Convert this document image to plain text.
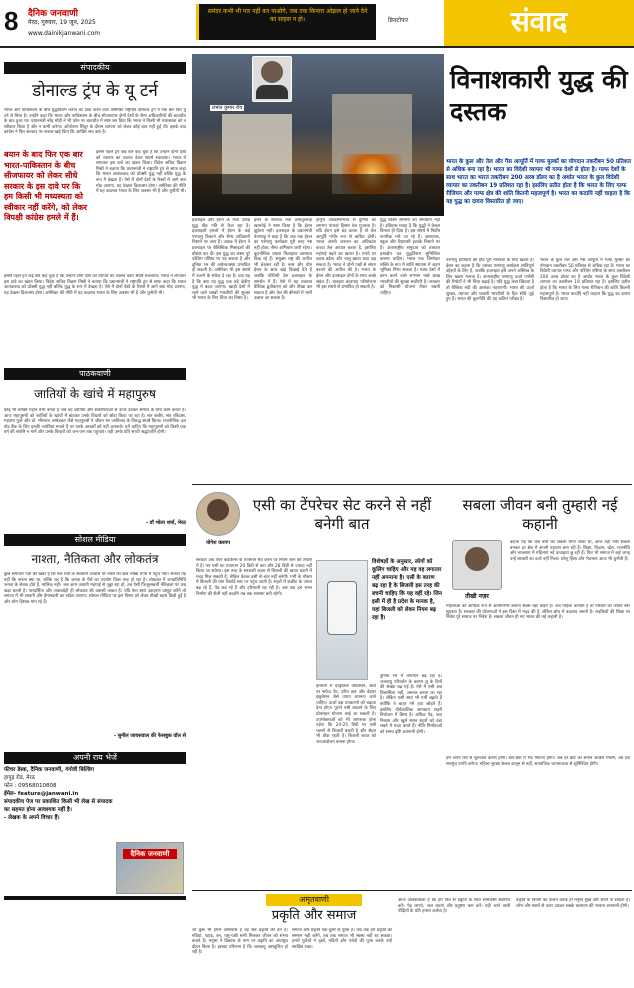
8 दैनिक जनवाणी
मेरठ, गुरुवार, 19 जून, 2025
www.dainikjanwani.com
समंदर कभी भी पार नहीं कर पाओगे, जब तक किनारा ओझल हो जाने देने का साहस न हो।	क्रिस्टोफर	संवाद
संपादकीय
डोनाल्ड ट्रंप के यू टर्न
भारत और पाकिस्तान के बीच युद्धविराम कराने का दावा करने वाले अमेरिकी राष्ट्रपति डोनाल्ड ट्रंप ने एक बार फिर यू टर्न ले लिया है। उन्होंने कहा कि भारत और पाकिस्तान के बीच सीजफायर दोनों देशों के सैन्य अधिकारियों की बातचीत के बाद हुआ था। प्रधानमंत्री नरेंद्र मोदी ने भी फोन पर बातचीत में स्पष्ट कर दिया कि भारत ने किसी भी मध्यस्थता को न स्वीकार किया है और न कभी करेगा। ऑपरेशन सिंदूर के दौरान व्यापार को लेकर कोई बात नहीं हुई थी। इसके बाद कांग्रेस ने फिर सरकार पर सवाल खड़े किए कि आखिर सच क्या है।
बयान के बाद फिर एक बार भारत-पाकिस्तान के बीच सीजफायर को लेकर सीधे सरकार के इस दावे पर कि हम किसी भी मध्यस्थता को स्वीकार नहीं करेंगे, को लेकर विपक्षी कांग्रेस हमले में हैं।
इससे पहले ट्रंप कई बार कह चुके हैं कि उन्होंने दोनों देशों को व्यापार का लालच देकर संघर्ष रुकवाया। भारत ने लगातार इस दावे का खंडन किया। विदेश सचिव विक्रम मिस्री ने बताया कि प्रधानमंत्री ने राष्ट्रपति ट्रंप से साफ कहा कि भारत आतंकवाद को प्रॉक्सी युद्ध नहीं बल्कि युद्ध के रूप में देखता है। ऐसे में दोनों देशों के रिश्तों में आगे क्या मोड़ आएगा, यह देखना दिलचस्प होगा। अमेरिका की नीति में यह बदलाव भारत के लिए अवसर भी है और चुनौती भी।
इससे पहले ट्रंप कई बार कह चुके हैं कि उन्होंने दोनों देशों को व्यापार का लालच देकर संघर्ष रुकवाया। भारत ने लगातार इस दावे का खंडन किया। विदेश सचिव विक्रम मिस्री ने बताया कि प्रधानमंत्री ने राष्ट्रपति ट्रंप से साफ कहा कि भारत आतंकवाद को प्रॉक्सी युद्ध नहीं बल्कि युद्ध के रूप में देखता है। ऐसे में दोनों देशों के रिश्तों में आगे क्या मोड़ आएगा, यह देखना दिलचस्प होगा। अमेरिका की नीति में यह बदलाव भारत के लिए अवसर भी है और चुनौती भी।
पाठकवाणी
जातियों के खांचे में महापुरुष
कोई भी व्यक्ति महान तभी बनता है जब वह जातियों और संकीर्णताओं से ऊपर उठकर समाज के लिए काम करता है। आज महापुरुषों को जातियों के खांचों में बांटकर उनके विचारों को छोटा किया जा रहा है। संत कबीर, संत रविदास, महात्मा फुले और डॉ. भीमराव अम्बेडकर जैसे महापुरुषों ने जीवन भर जातिवाद के विरुद्ध संघर्ष किया। राजनीतिक दल वोट बैंक के लिए इनकी जयंतियां मनाते हैं पर उनके आदर्शों को नहीं अपनाते। हमें चाहिए कि महापुरुषों को किसी एक वर्ग की संपत्ति न मानें और उनके विचारों को जन-जन तक पहुंचाएं। यही उनके प्रति सच्ची श्रद्धांजलि होगी।
- डॉ भोला शर्मा, मेरठ
सोशल मीडिया
नाश्ता, नैतिकता और लोकतंत्र
कुछ समाचार पत्रों की खबर है कि एक मंत्री के सरकारी आवास पर नाश्ते का खर्च लाखों रुपये में पहुंच गया। सवाल यह नहीं कि नाश्ता क्या था, बल्कि यह है कि जनता के पैसे का उपयोग किस तरह हो रहा है। लोकतंत्र में जनप्रतिनिधि जनता के सेवक होते हैं, मालिक नहीं। जब आम आदमी महंगाई से जूझ रहा हो, तब ऐसी फिजूलखर्ची नैतिकता पर प्रश्न खड़ा करती है। पारदर्शिता और जवाबदेही ही लोकतंत्र की असली ताकत है। यदि नेता स्वयं उदाहरण प्रस्तुत करेंगे तो समाज में भी सादगी और ईमानदारी का संदेश जाएगा। सोशल मीडिया पर इस विषय को लेकर तीखी बहस छिड़ी हुई है और लोग हिसाब मांग रहे हैं।
- सुनील जायसवाल की फेसबुक वॉल से
अपनी राय भेजें
फीचर डेस्क, दैनिक जनवाणी, गंगोत्री बिल्डिंग
हापुड़ रोड, मेरठ
फोन : 09568010808
ईमेल- feature@janwani.in
संपादकीय पेज पर प्रकाशित किसी भी लेख से संपादक का सहमत होना आवश्यक नहीं है।
- लेखक के अपने विचार हैं।
दैनिक जनवाणी
प्रभात कुमार रॉय
विनाशकारी युद्ध की दस्तक
भारत के कुल और तेल और गैस आपूर्ति में गल्फ मुल्कों का योगदान तकरीबन 50 प्रतिशत से अधिक बना रहा है। भारत का विदेशी व्यापार भी गल्फ देशों से होता है। गल्फ देशों के साथ भारत का भारत तकरीबन 200 अरब डॉलर का है अर्थात भारत के कुल विदेशी व्यापार का तकरीबन 19 प्रतिशत रहा है। इसलिए प्रतीत होता है कि भारत के लिए गल्फ रीजियन और गल्फ क्षेत्र की शांति कितनी महत्वपूर्ण है। भारत का कदापि नहीं चाहता है कि यह युद्ध का दायरा विस्तारित हो जाए।
इजराइल और ईरान के मध्य उत्पन्न युद्ध तीव्र गति से फैल रहा है। इजराइली हमलों में ईरान के कई परमाणु ठिकाने और सैन्य अधिकारी निशाने पर आए हैं। जवाब में ईरान ने इजराइल पर बैलिस्टिक मिसाइलों की बौछार कर दी। इस युद्ध का असर पूरे पश्चिम एशिया पर पड़ सकता है और दुनिया भर की अर्थव्यवस्था प्रभावित हो सकती है। अमेरिका भी इस संघर्ष में उतरने के संकेत दे रहा है। प्रश्न यह है कि क्या यह युद्ध एक बड़े क्षेत्रीय युद्ध में बदल जाएगा। खाड़ी देशों में रहने वाले लाखों भारतीयों की सुरक्षा भी भारत के लिए चिंता का विषय है।
ईरान के सर्वोच्च नेता आयतुल्लाह खामनेई ने स्पष्ट किया है कि ईरान झुकेगा नहीं। इजराइल के प्रधानमंत्री नेतन्याहू ने कहा है कि जब तक ईरान का परमाणु कार्यक्रम पूरी तरह नष्ट नहीं होता, सैन्य अभियान जारी रहेगा। कूटनीतिक प्रयास फिलहाल असफल दिख रहे हैं। संयुक्त राष्ट्र की अपील भी बेअसर रही है। रूस और चीन ईरान के साथ खड़े दिखाई देते हैं जबकि पश्चिमी देश इजराइल के समर्थन में हैं। ऐसे में यह टकराव वैश्विक ध्रुवीकरण को और तीखा कर सकता है और तेल की कीमतों में भारी उछाल आ सकता है।
होर्मुज जलडमरूमध्य से दुनिया का लगभग पांचवां हिस्सा तेल गुजरता है। यदि ईरान इसे बंद करता है तो तेल आपूर्ति गंभीर रूप से बाधित होगी। भारत अपनी जरूरत का अधिकांश कच्चा तेल आयात करता है, इसलिए महंगाई बढ़ने का खतरा है। रुपये पर दबाव बढ़ेगा और चालू खाता घाटा बढ़ सकता है। भारत ने दोनों पक्षों से संयम बरतने की अपील की है। भारत के ईरान और इजराइल दोनों के साथ अच्छे संबंध हैं। चाबहार बंदरगाह परियोजना भी इस संघर्ष से प्रभावित हो सकती है।
युद्ध किसी समस्या का समाधान नहीं है। इतिहास गवाह है कि युद्धों ने केवल विनाश ही दिया है। इस संघर्ष में निर्दोष नागरिक मारे जा रहे हैं। अस्पताल, स्कूल और रिहायशी इलाके निशाने पर हैं। अंतरराष्ट्रीय समुदाय को तत्काल हस्तक्षेप कर युद्धविराम सुनिश्चित कराना चाहिए। भारत एक जिम्मेदार शक्ति के रूप में शांति स्थापना में अहम भूमिका निभा सकता है। गल्फ देशों में काम करने वाले लगभग नब्बे लाख भारतीयों की सुरक्षा सर्वोपरि है। सरकार को निकासी योजना तैयार रखनी चाहिए।
परमाणु हथियारों की होड़ पूरी मानवता के लिए खतरा है। ईरान का कहना है कि उसका परमाणु कार्यक्रम शांतिपूर्ण उद्देश्यों के लिए है, जबकि इजराइल इसे अपने अस्तित्व के लिए खतरा मानता है। अंतरराष्ट्रीय परमाणु ऊर्जा एजेंसी की रिपोर्टों ने भी चिंता बढ़ाई है। यदि युद्ध लंबा खिंचता है तो वैश्विक मंदी की आशंका गहराएगी। भारत की ऊर्जा सुरक्षा, व्यापार और प्रवासी भारतीयों के हित सीधे जुड़े हुए हैं। भारत की कूटनीति की यह कठिन परीक्षा है।
भारत के कुल तेल और गैस आपूर्ति में गल्फ मुल्कों का योगदान तकरीबन 50 प्रतिशत से अधिक रहा है। भारत का विदेशी व्यापार गल्फ और पश्चिम एशिया के साथ तकरीबन 200 अरब डॉलर का है अर्थात भारत के कुल विदेशी व्यापार का तकरीबन 19 प्रतिशत रहा है। इसलिए प्रतीत होता है कि भारत के लिए गल्फ रीजियन की शांति कितनी महत्वपूर्ण है। भारत कदापि नहीं चाहता कि युद्ध का दायरा विस्तारित हो जाए।
योगेश कश्यप
एसी का टेंपरेचर सेट करने से नहीं बनेगी बात
सरकार अब एयर कंडीशनर के तापमान सेट करने पर नियम लाने की तैयारी में है। नए एसी का तापमान 20 डिग्री से कम और 28 डिग्री से ज्यादा नहीं किया जा सकेगा। इस तरह के सरकारी कदम से बिजली की खपत घटाने में मदद मिल सकती है, लेकिन केवल इसी से बात नहीं बनेगी। गर्मी के मौसम में बिजली की मांग रिकॉर्ड स्तर पर पहुंच जाती है। शहरों में कंक्रीट के जंगल बढ़ रहे हैं, पेड़ कट रहे हैं और हरियाली घट रही है। जब तक हम भवन निर्माण की शैली नहीं बदलेंगे तब तक समस्या बनी रहेगी।
विशेषज्ञों के अनुसार, लोगों को कूलिंग चाहिए और यह वह लगातार नहीं अपनाना है। एसी के कारण बढ़ रहा है के बिजली इस तरह की बचनी चाहिए कि यह वहीं रहे। जिन इसी में ही है प्रदेश के मानक है, यहां बिजली को लेकर नियम बढ़ रहा है।
इमारतों में प्राकृतिक वेंटिलेशन, छतों पर सफेद पेंट, हरित छत और बेहतर इंसुलेशन जैसे उपाय अपनाए जाने चाहिए। ऊर्जा दक्ष उपकरणों को बढ़ावा देना होगा। पुराने एसी बदलने के लिए प्रोत्साहन योजना लाई जा सकती है। उपभोक्ताओं को भी जागरूक होना पड़ेगा कि 24-25 डिग्री पर एसी चलाने से बिजली बचती है और सेहत भी ठीक रहती है। बिजली बचत को जनआंदोलन बनाना होगा।
दुनिया भर में तापमान बढ़ रहा है। जलवायु परिवर्तन के कारण लू के दिनों की संख्या बढ़ गई है। ऐसे में एसी अब विलासिता नहीं, जरूरत बनता जा रहा है। लेकिन एसी स्वयं भी गर्मी बढ़ाते हैं क्योंकि वे बाहर गर्म हवा छोड़ते हैं। इसलिए दीर्घकालिक समाधान शहरी नियोजन में छिपा है। अधिक पेड़, जल निकाय और खुले स्थान शहरों को ठंडा रखने में मदद करते हैं। नीति निर्माताओं को समग्र दृष्टि अपनानी होगी।
सबला जीवन बनी तुम्हारी नई कहानी
तीखी नज़र
कहना यह कि जब नारी को अबला माना जाता था, आज वही नारी सबला बनकर हर क्षेत्र में अपनी पहचान बना रही है। शिक्षा, विज्ञान, खेल, राजनीति और व्यवसाय में महिलाएं नई ऊंचाइयां छू रही हैं। फिर भी समाज में कई जगह उन्हें बराबरी का दर्जा नहीं मिला। घरेलू हिंसा और भेदभाव आज भी चुनौती हैं।
महिलाओं को आर्थिक रूप से आत्मनिर्भर बनाना सबसे बड़ा कदम है। जब महिला कमाती है तो परिवार का जीवन स्तर सुधरता है। सरकार की योजनाओं ने इस दिशा में मदद की है, लेकिन सोच में बदलाव जरूरी है। लड़कियों की शिक्षा पर निवेश पूरे समाज पर निवेश है। सबला जीवन ही नए भारत की नई कहानी है।
हमें अपने घरों से शुरुआत करनी होगी। बेटा-बेटी में भेद मिटाना होगा। जब हर बेटी को समान अवसर मिलेंगे, तब देश सचमुच प्रगति करेगा। महिला सुरक्षा केवल कानून से नहीं, सामाजिक जागरूकता से सुनिश्चित होगी।
अमृतवाणी
प्रकृति और समाज
जो कुछ भी हमारे आसपास है वह सब प्रकृति की देन है। नदियां, पहाड़, वन, पशु-पक्षी सभी मिलकर जीवन को संभव बनाते हैं। मनुष्य ने विकास के नाम पर प्रकृति का अंधाधुंध दोहन किया है। इसका परिणाम है कि जलवायु असंतुलित हो रही है।
समाज और प्रकृति एक-दूसरे के पूरक हैं। जब तक हम प्रकृति का सम्मान नहीं करेंगे, तब तक समाज भी स्वस्थ नहीं रह सकता। हमारे पूर्वजों ने वृक्षों, नदियों और पर्वतों की पूजा करके उन्हें संरक्षित रखा।
आज आवश्यकता है कि हम फिर से प्रकृति के साथ सामंजस्य स्थापित करें। पेड़ लगाएं, जल बचाएं और प्रदूषण कम करें। यही आने वाली पीढ़ियों के प्रति हमारा कर्तव्य है।
प्रकृति के नियमों का पालन करके ही मनुष्य सुख और शांति पा सकता है। लोभ और स्वार्थ से ऊपर उठकर सबके कल्याण की भावना अपनानी होगी।
